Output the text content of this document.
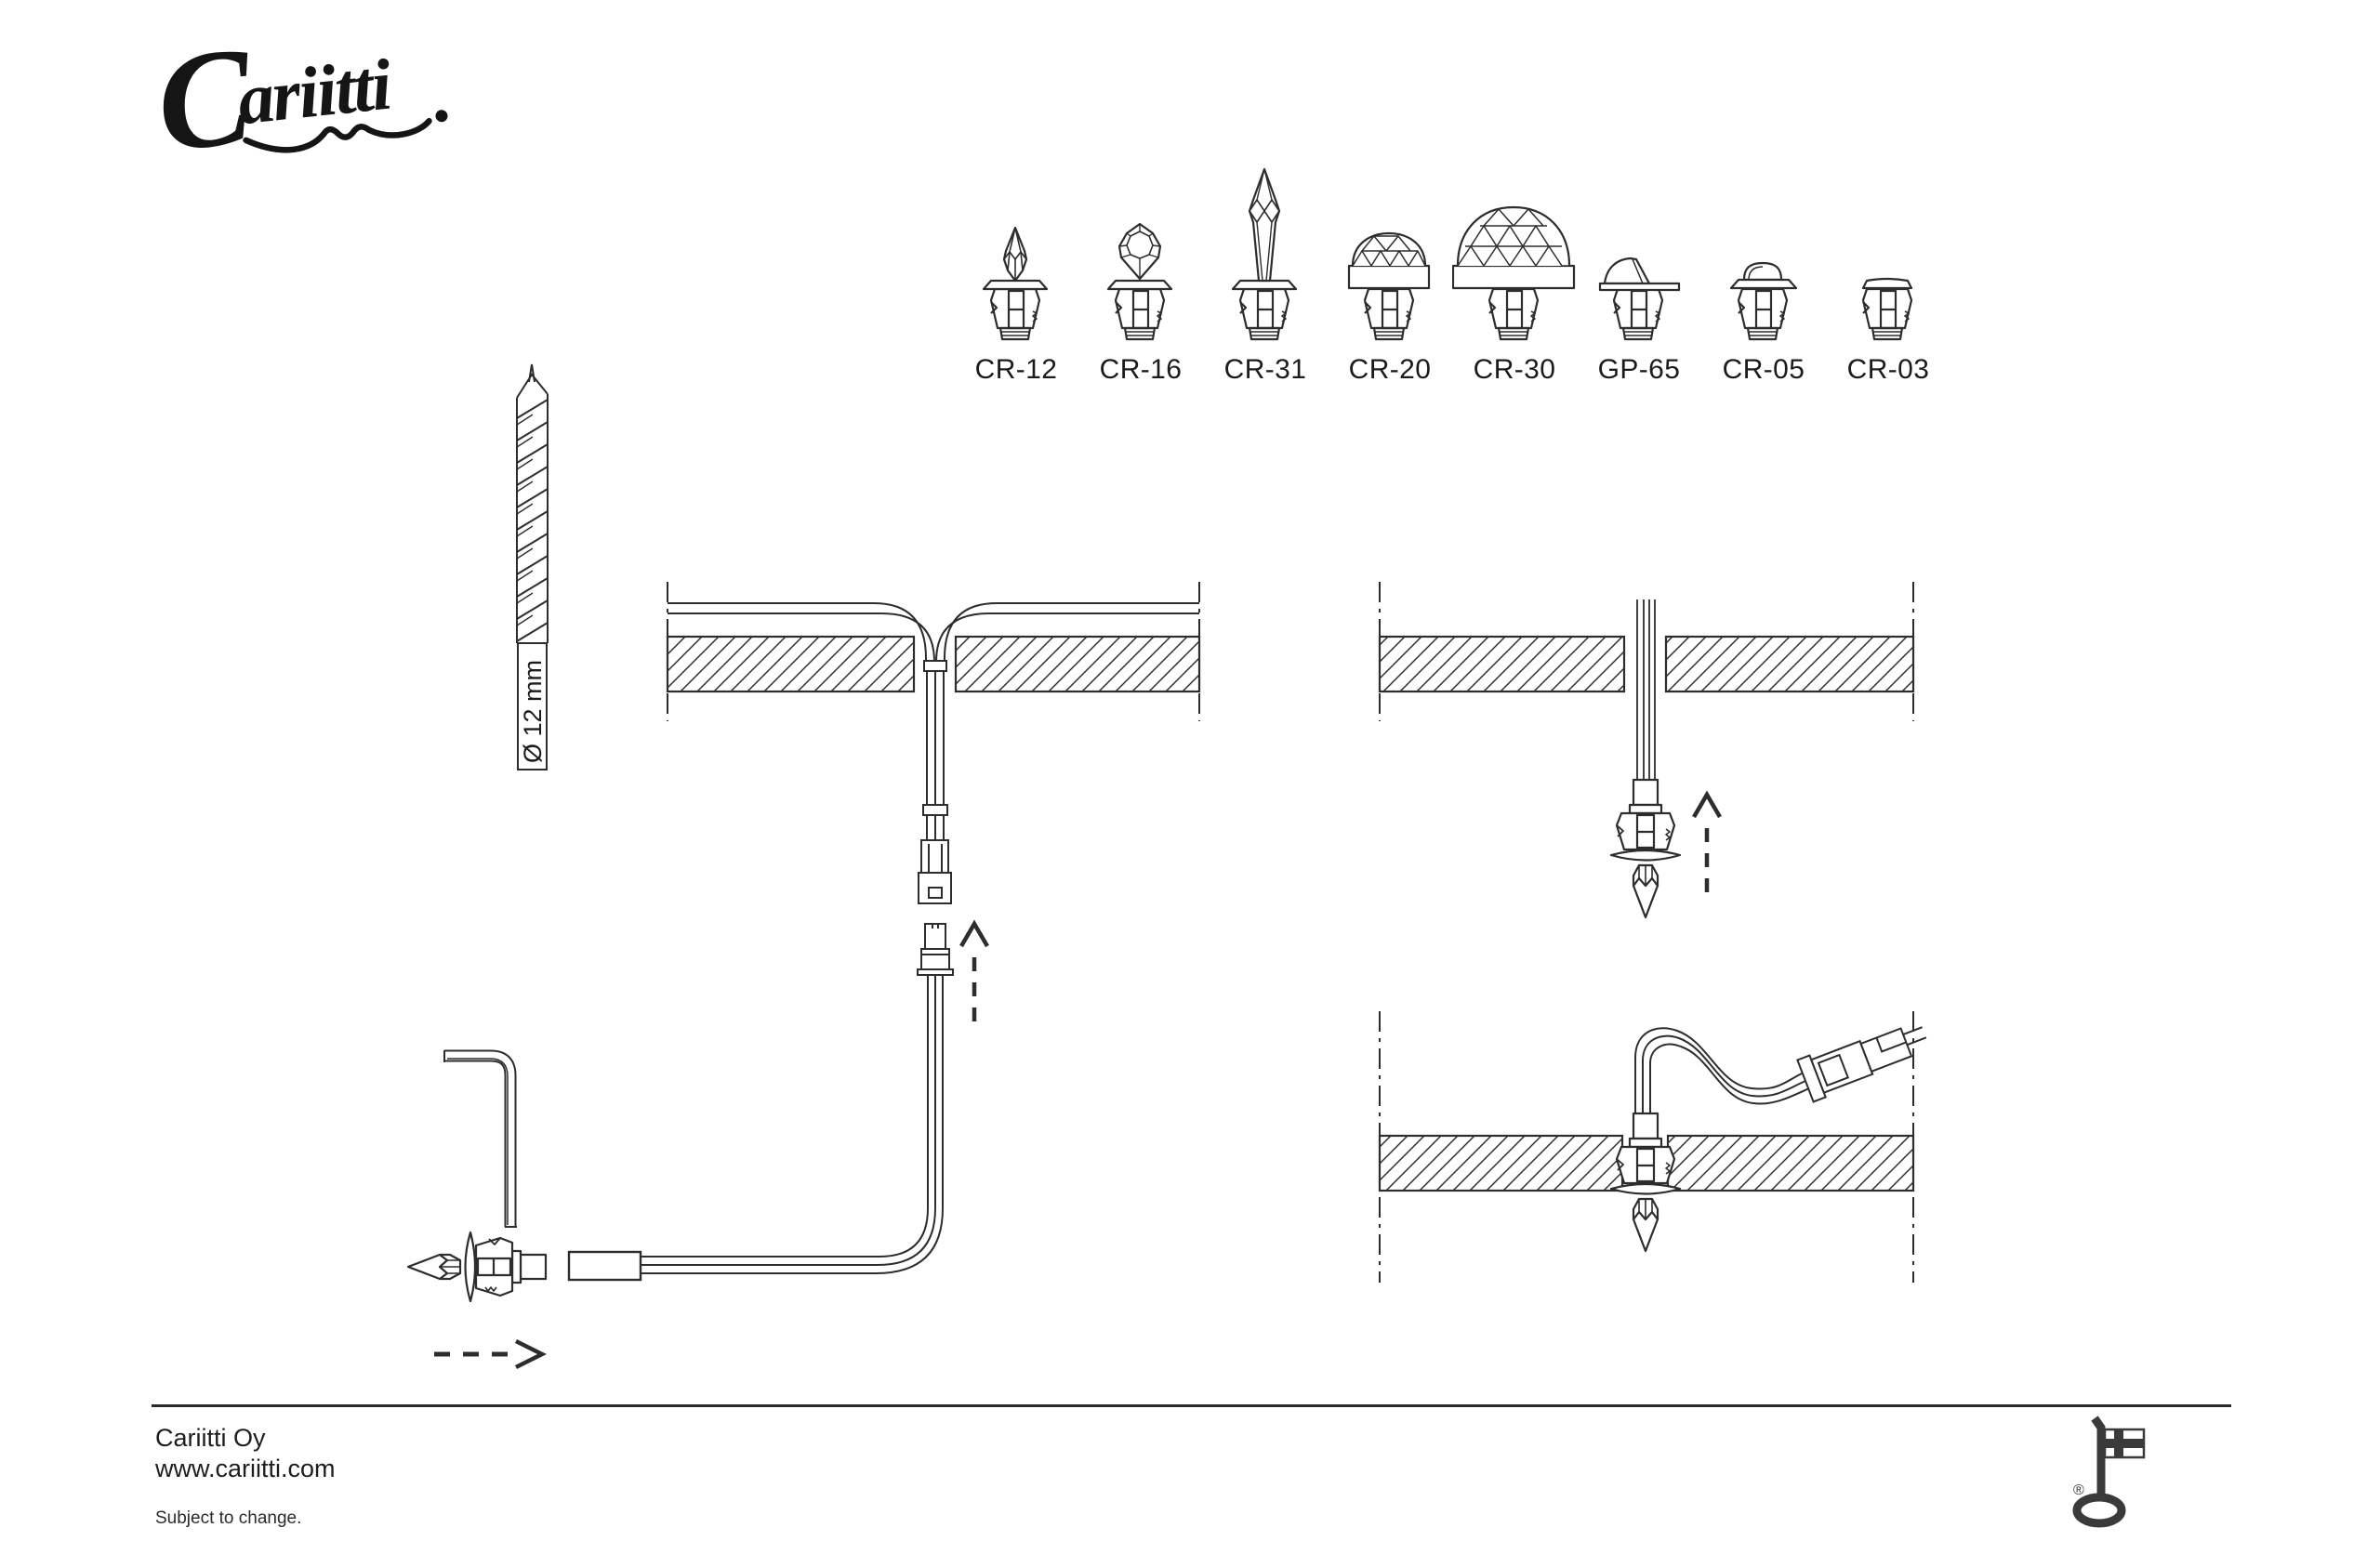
C
ariitti
Ø 12 mm
CR-12 CR-16 CR-31 CR-20 CR-30 GP-65 CR-05 CR-03
Cariitti Oy
www.cariitti.com
Subject to change.
®
